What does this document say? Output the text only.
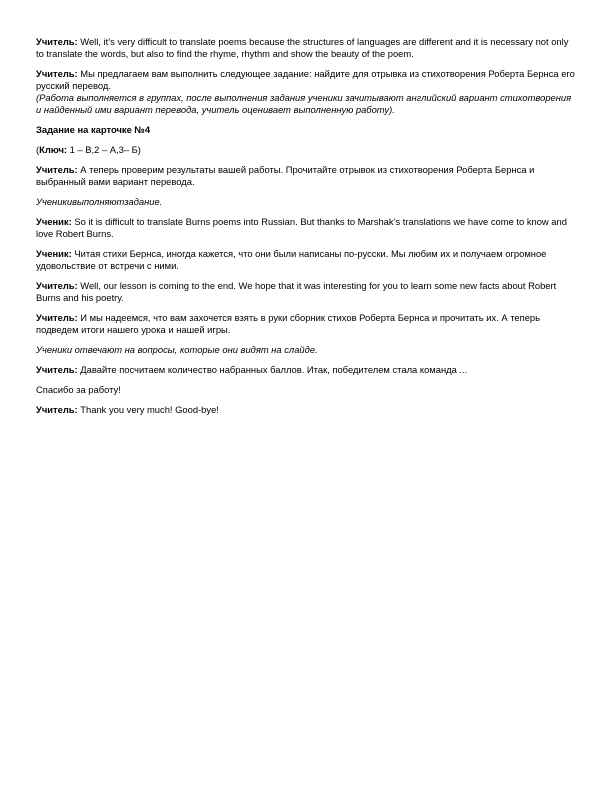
Учитель: Well, it’s very difficult to translate poems because the structures of languages are different and it is necessary not only to translate the words, but also to find the rhyme, rhythm and show the beauty of the poem.

Учитель: Мы предлагаем вам выполнить следующее задание: найдите для отрывка из стихотворения Роберта Бернса его русский перевод.
(Работа выполняется в группах, после выполнения задания ученики зачитывают английский вариант стихотворения и найденный ими вариант перевода, учитель оценивает выполненную работу).

Задание на карточке №4

(Ключ: 1 – В,2 – А,3– Б)

Учитель: А теперь проверим результаты вашей работы. Прочитайте отрывок из стихотворения Роберта Бернса и выбранный вами вариант перевода.

Ученикивыполняютзадание.

Ученик: So it is difficult to translate Burns poems into Russian. But thanks to Marshak’s translations we have come to know and love Robert Burns.

Ученик: Читая стихи Бернса, иногда кажется, что они были написаны по-русски. Мы любим их и получаем огромное удовольствие от встречи с ними.

Учитель: Well, our lesson is coming to the end. We hope that it was interesting for you to learn some new facts about Robert Burns and his poetry.

Учитель: И мы надеемся, что вам захочется взять в руки сборник стихов Роберта Бернса и прочитать их. А теперь подведем итоги нашего урока и нашей игры.

Ученики отвечают на вопросы, которые они видят на слайде.

Учитель: Давайте посчитаем количество набранных баллов. Итак, победителем стала команда ...

Спасибо за работу!

Учитель: Thank you very much! Good-bye!
